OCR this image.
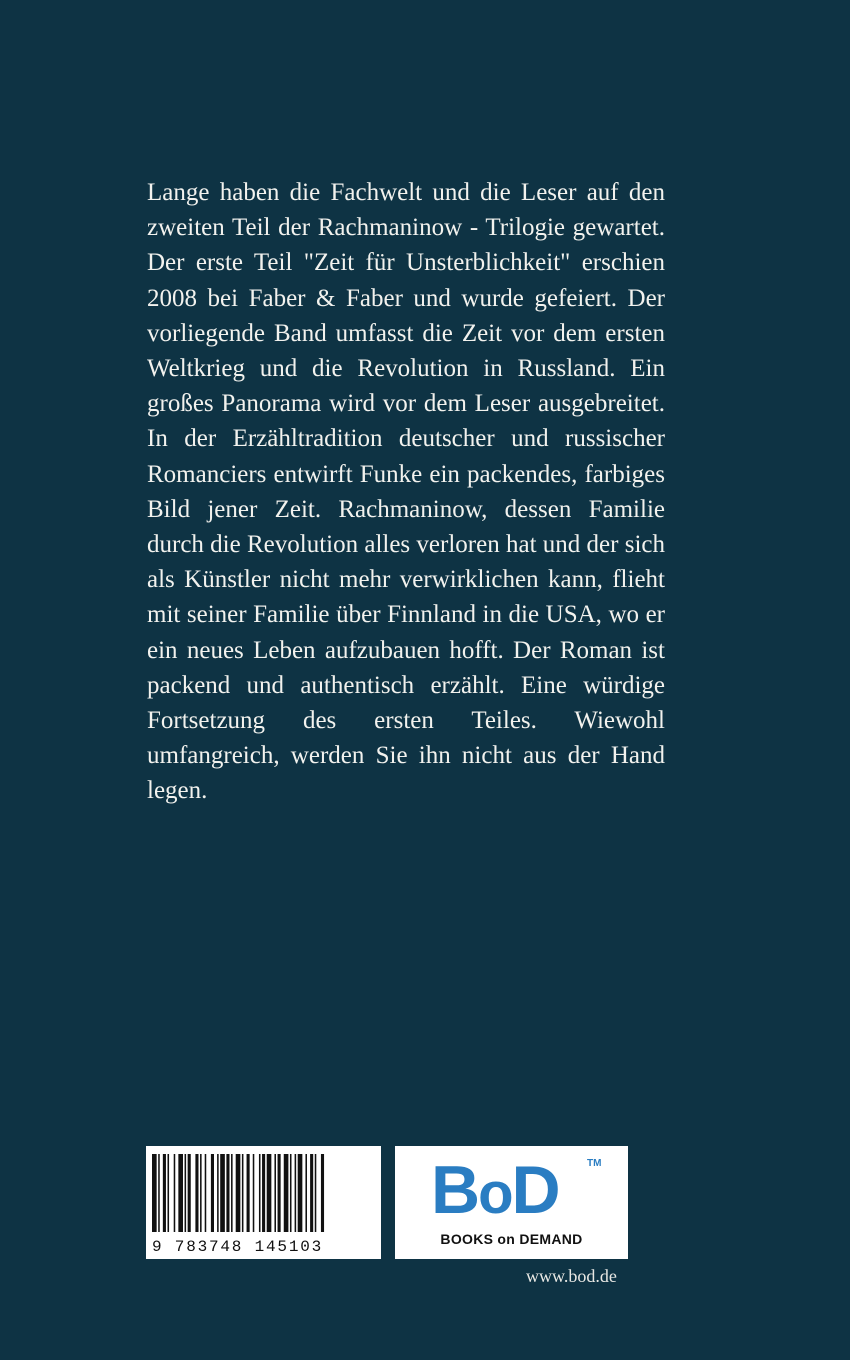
Lange haben die Fachwelt und die Leser auf den zweiten Teil der Rachmaninow - Trilogie gewartet. Der erste Teil "Zeit für Unsterblichkeit" erschien 2008 bei Faber & Faber und wurde gefeiert. Der vorliegende Band umfasst die Zeit vor dem ersten Weltkrieg und die Revolution in Russland. Ein großes Panorama wird vor dem Leser ausgebreitet. In der Erzähltradition deutscher und russischer Romanciers entwirft Funke ein packendes, farbiges Bild jener Zeit. Rachmaninow, dessen Familie durch die Revolution alles verloren hat und der sich als Künstler nicht mehr verwirklichen kann, flieht mit seiner Familie über Finnland in die USA, wo er ein neues Leben aufzubauen hofft. Der Roman ist packend und authentisch erzählt. Eine würdige Fortsetzung des ersten Teiles. Wiewohl umfangreich, werden Sie ihn nicht aus der Hand legen.

9 783748 145103
BoD	TM
BOOKS on DEMAND
www.bod.de
